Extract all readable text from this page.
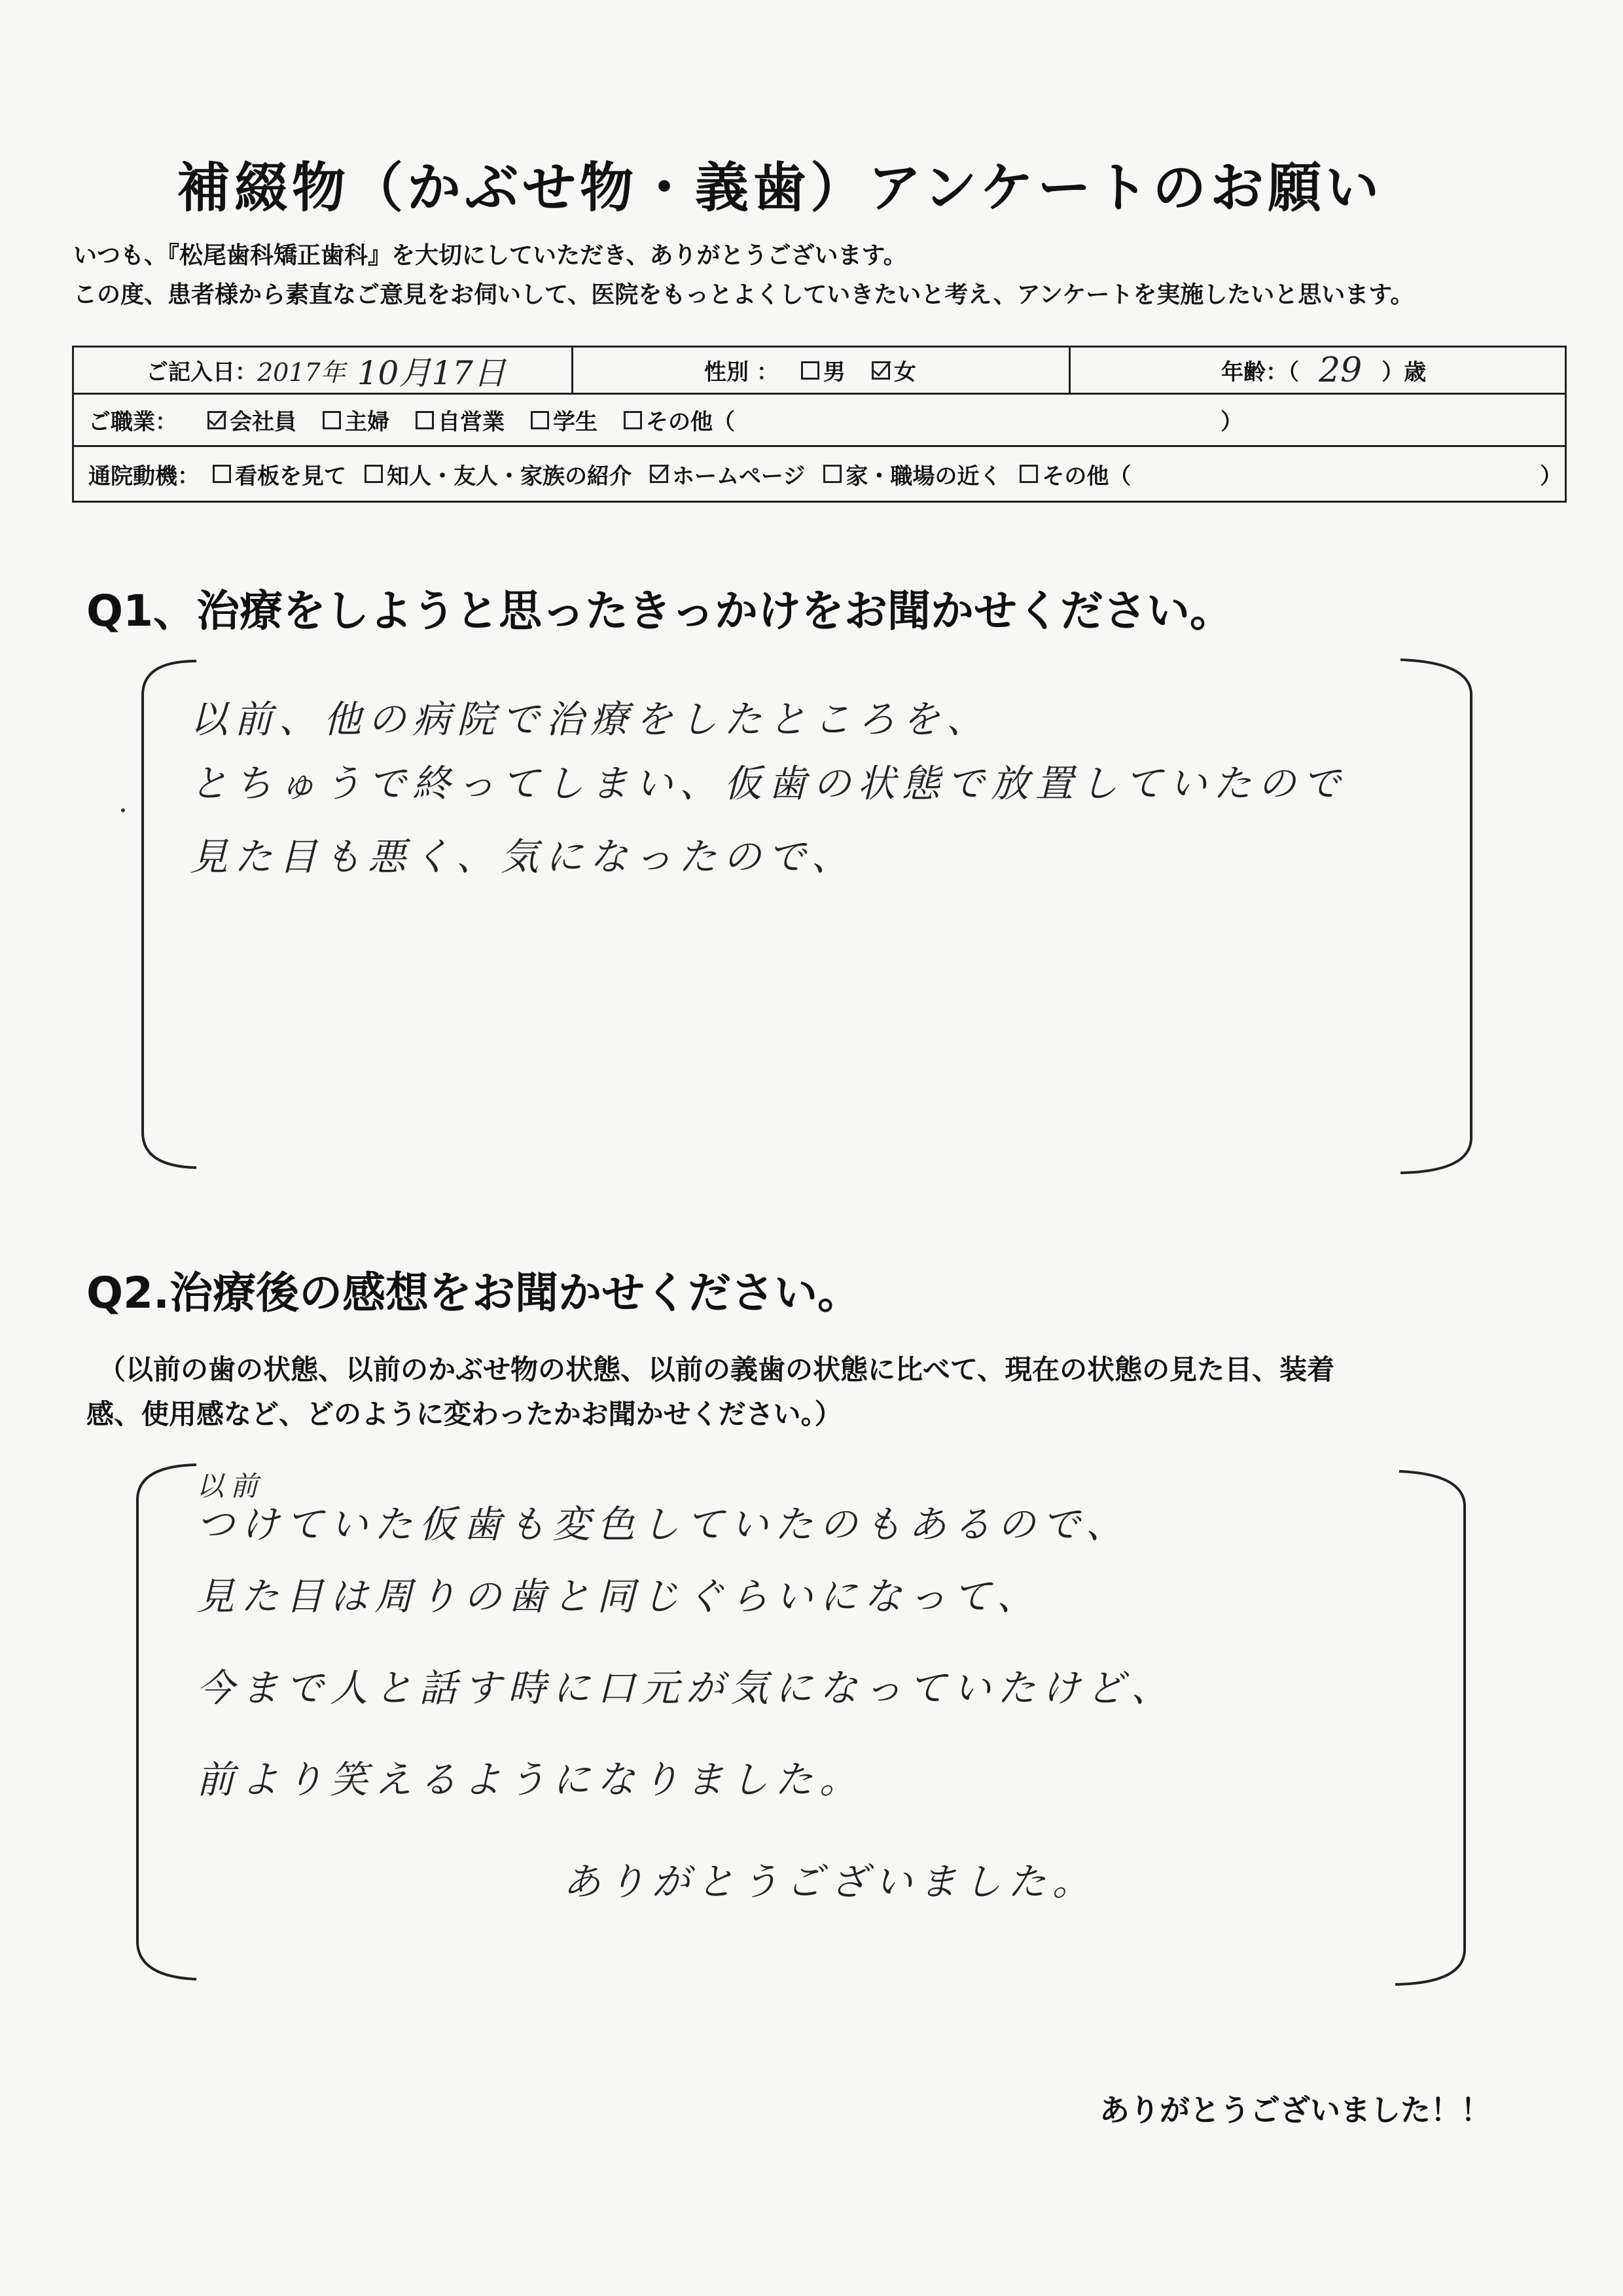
補綴物（かぶせ物・義歯）アンケートのお願い
いつも、『松尾歯科矯正歯科』を大切にしていただき、ありがとうございます。
この度、患者様から素直なご意見をお伺いして、医院をもっとよくしていきたいと考え、アンケートを実施したいと思います。
ご記入日： 2017年 10月17日	性別 ： 男 女	年齢：（ 29 ）歳
ご職業： 会社員 主婦 自営業 学生 その他（	）
通院動機： 看板を見て 知人・友人・家族の紹介 ホームページ 家・職場の近く その他（	）
Q1、治療をしようと思ったきっかけをお聞かせください。
以前、他の病院で治療をしたところを、
とちゅうで終ってしまい、仮歯の状態で放置していたので
見た目も悪く、気になったので、
Q2.治療後の感想をお聞かせください。
（以前の歯の状態、以前のかぶせ物の状態、以前の義歯の状態に比べて、現在の状態の見た目、装着
感、使用感など、どのように変わったかお聞かせください。）
以前
つけていた仮歯も変色していたのもあるので、
見た目は周りの歯と同じぐらいになって、
今まで人と話す時に口元が気になっていたけど、
前より笑えるようになりました。
ありがとうございました。
ありがとうございました！！
